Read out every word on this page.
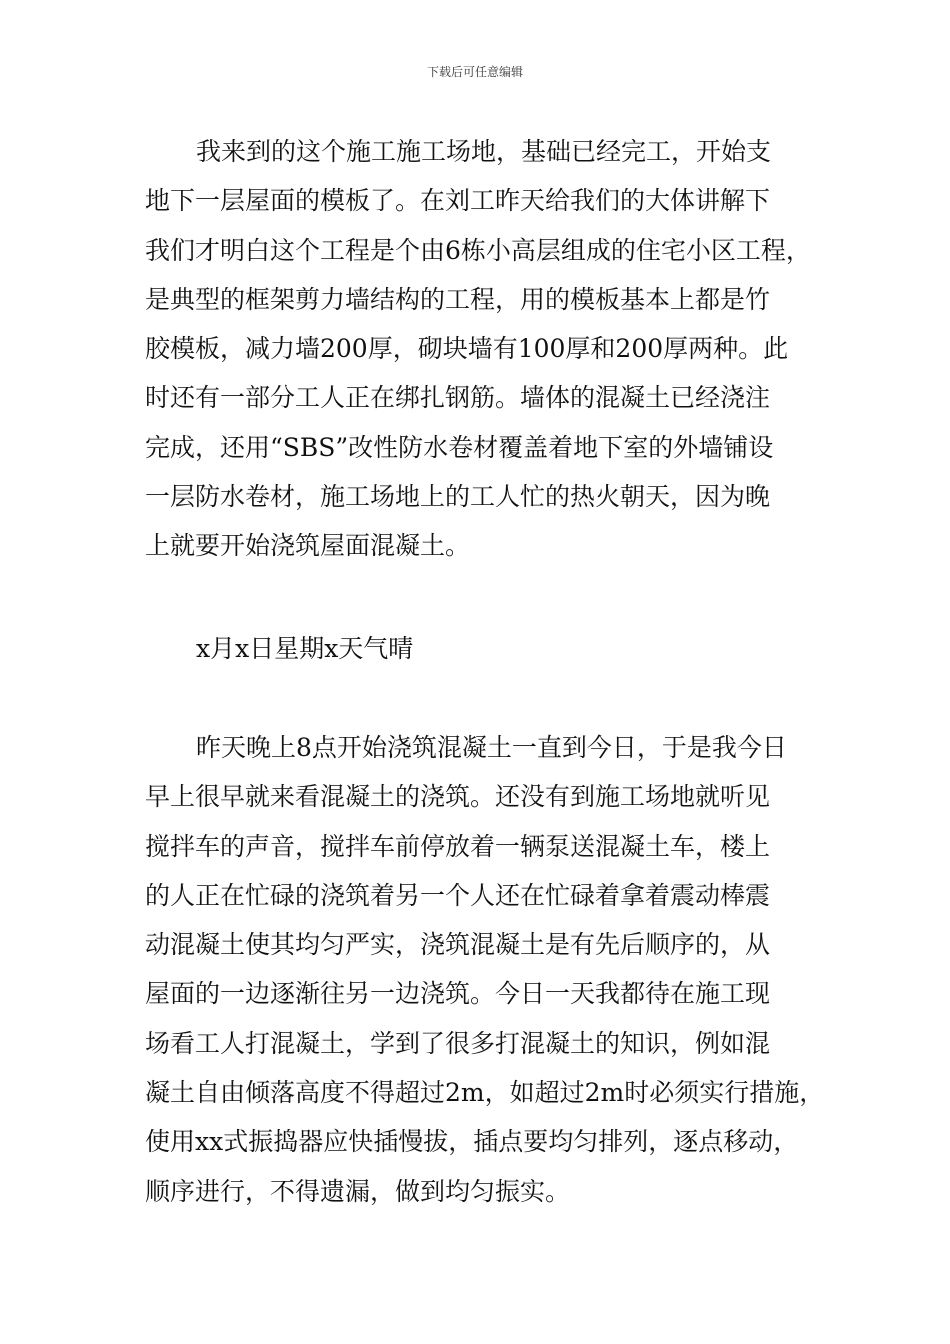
下载后可任意编辑
我来到的这个施工施工场地，基础已经完工，开始支
地下一层屋面的模板了。在刘工昨天给我们的大体讲解下
我们才明白这个工程是个由6栋小高层组成的住宅小区工程，
是典型的框架剪力墙结构的工程，用的模板基本上都是竹
胶模板，减力墙200厚，砌块墙有100厚和200厚两种。此
时还有一部分工人正在绑扎钢筋。墙体的混凝土已经浇注
完成，还用“SBS”改性防水卷材覆盖着地下室的外墙铺设
一层防水卷材，施工场地上的工人忙的热火朝天，因为晚
上就要开始浇筑屋面混凝土。
x月x日星期x天气晴
昨天晚上8点开始浇筑混凝土一直到今日，于是我今日
早上很早就来看混凝土的浇筑。还没有到施工场地就听见
搅拌车的声音，搅拌车前停放着一辆泵送混凝土车，楼上
的人正在忙碌的浇筑着另一个人还在忙碌着拿着震动棒震
动混凝土使其均匀严实，浇筑混凝土是有先后顺序的，从
屋面的一边逐渐往另一边浇筑。今日一天我都待在施工现
场看工人打混凝土，学到了很多打混凝土的知识，例如混
凝土自由倾落高度不得超过2m，如超过2m时必须实行措施，
使用xx式振捣器应快插慢拔，插点要均匀排列，逐点移动，
顺序进行，不得遗漏，做到均匀振实。
